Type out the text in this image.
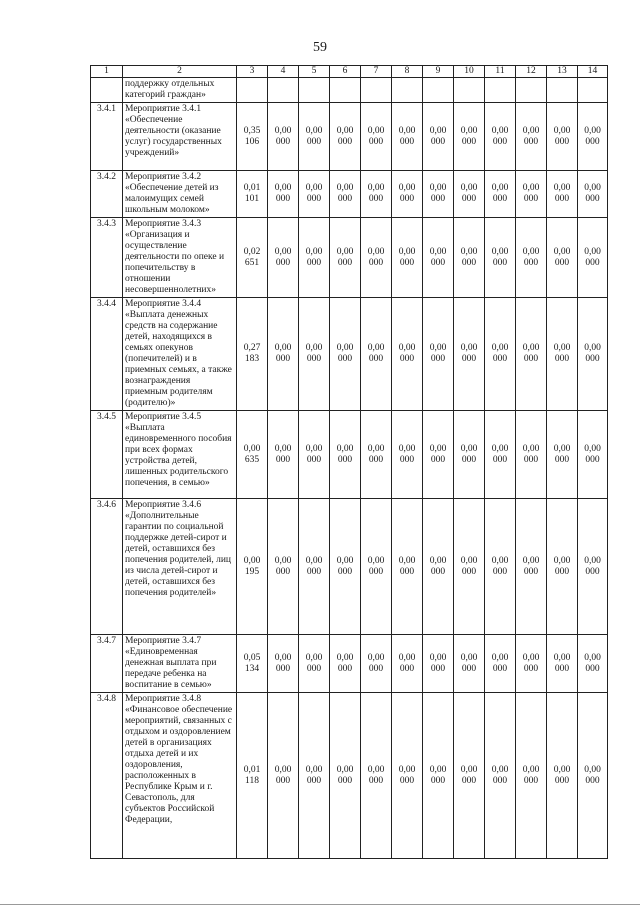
59
1	2	3	4	5	6	7	8	9	10	11	12	13	14
	поддержку отдельных категорий граждан»												
3.4.1	Мероприятие 3.4.1 «Обеспечение деятельности (оказание услуг) государственных учреждений»	0,35 106	0,00 000	0,00 000	0,00 000	0,00 000	0,00 000	0,00 000	0,00 000	0,00 000	0,00 000	0,00 000	0,00 000
3.4.2	Мероприятие 3.4.2 «Обеспечение детей из малоимущих семей школьным молоком»	0,01 101	0,00 000	0,00 000	0,00 000	0,00 000	0,00 000	0,00 000	0,00 000	0,00 000	0,00 000	0,00 000	0,00 000
3.4.3	Мероприятие 3.4.3 «Организация и осуществление деятельности по опеке и попечительству в отношении несовершеннолетних»	0,02 651	0,00 000	0,00 000	0,00 000	0,00 000	0,00 000	0,00 000	0,00 000	0,00 000	0,00 000	0,00 000	0,00 000
3.4.4	Мероприятие 3.4.4 «Выплата денежных средств на содержание детей, находящихся в семьях опекунов (попечителей) и в приемных семьях, а также вознаграждения приемным родителям (родителю)»	0,27 183	0,00 000	0,00 000	0,00 000	0,00 000	0,00 000	0,00 000	0,00 000	0,00 000	0,00 000	0,00 000	0,00 000
3.4.5	Мероприятие 3.4.5 «Выплата единовременного пособия при всех формах устройства детей, лишенных родительского попечения, в семью»	0,00 635	0,00 000	0,00 000	0,00 000	0,00 000	0,00 000	0,00 000	0,00 000	0,00 000	0,00 000	0,00 000	0,00 000
3.4.6	Мероприятие 3.4.6 «Дополнительные гарантии по социальной поддержке детей-сирот и детей, оставшихся без попечения родителей, лиц из числа детей-сирот и детей, оставшихся без попечения родителей»	0,00 195	0,00 000	0,00 000	0,00 000	0,00 000	0,00 000	0,00 000	0,00 000	0,00 000	0,00 000	0,00 000	0,00 000
3.4.7	Мероприятие 3.4.7 «Единовременная денежная выплата при передаче ребенка на воспитание в семью»	0,05 134	0,00 000	0,00 000	0,00 000	0,00 000	0,00 000	0,00 000	0,00 000	0,00 000	0,00 000	0,00 000	0,00 000
3.4.8	Мероприятие 3.4.8 «Финансовое обеспечение мероприятий, связанных с отдыхом и оздоровлением детей в организациях отдыха детей и их оздоровления, расположенных в Республике Крым и г. Севастополь, для субъектов Российской Федерации,	0,01 118	0,00 000	0,00 000	0,00 000	0,00 000	0,00 000	0,00 000	0,00 000	0,00 000	0,00 000	0,00 000	0,00 000
